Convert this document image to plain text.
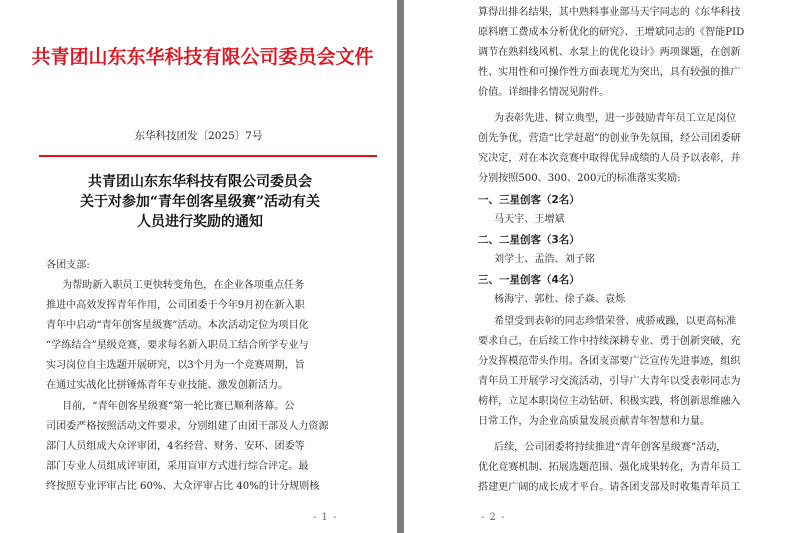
共青团山东东华科技有限公司委员会文件
东华科技团发〔2025〕7号
共青团山东东华科技有限公司委员会
关于对参加“青年创客星级赛”活动有关
人员进行奖励的通知
各团支部:
为帮助新入职员工更快转变角色，在企业各项重点任务
推进中高效发挥青年作用，公司团委于今年9月初在新入职
青年中启动“青年创客星级赛”活动。本次活动定位为项目化
“学练结合”星级竞赛，要求每名新入职员工结合所学专业与
实习岗位自主选题开展研究，以3个月为一个竞赛周期，旨
在通过实战化比拼锤炼青年专业技能、激发创新活力。
目前，“青年创客星级赛”第一轮比赛已顺利落幕。公
司团委严格按照活动文件要求，分别组建了由团干部及人力资源
部门人员组成大众评审团，4名经营、财务、安环、团委等
部门专业人员组成评审团，采用盲审方式进行综合评定。最
终按照专业评审占比 60%、大众评审占比 40%的计分规则核
- 1 -
算得出排名结果，其中熟料事业部马天宇同志的《东华科技
原料磨工费成本分析优化的研究》、王增斌同志的《智能PID
调节在熟料线风机、水泵上的优化设计》两项课题，在创新
性、实用性和可操作性方面表现尤为突出，具有较强的推广
价值。详细排名情况见附件。
为表彰先进、树立典型，进一步鼓励青年员工立足岗位
创先争优，营造“比学赶超”的创业争先氛围，经公司团委研
究决定，对在本次竞赛中取得优异成绩的人员予以表彰，并
分别按照500、300、200元的标准落实奖励:
一、三星创客（2名）
马天宇、王增斌
二、二星创客（3名）
刘学士、孟浩、刘子铭
三、一星创客（4名）
杨海宁、郭杜、徐子焱、袁烁
希望受到表彰的同志珍惜荣誉、戒骄戒躁，以更高标准
要求自己，在后续工作中持续深耕专业、勇于创新突破，充
分发挥模范带头作用。各团支部要广泛宣传先进事迹，组织
青年员工开展学习交流活动，引导广大青年以受表彰同志为
榜样，立足本职岗位主动钻研、积极实践，将创新思维融入
日常工作，为企业高质量发展贡献青年智慧和力量。
后续，公司团委将持续推进“青年创客星级赛”活动，
优化竞赛机制、拓展选题范围、强化成果转化，为青年员工
搭建更广阔的成长成才平台。请各团支部及时收集青年员工
- 2 -
